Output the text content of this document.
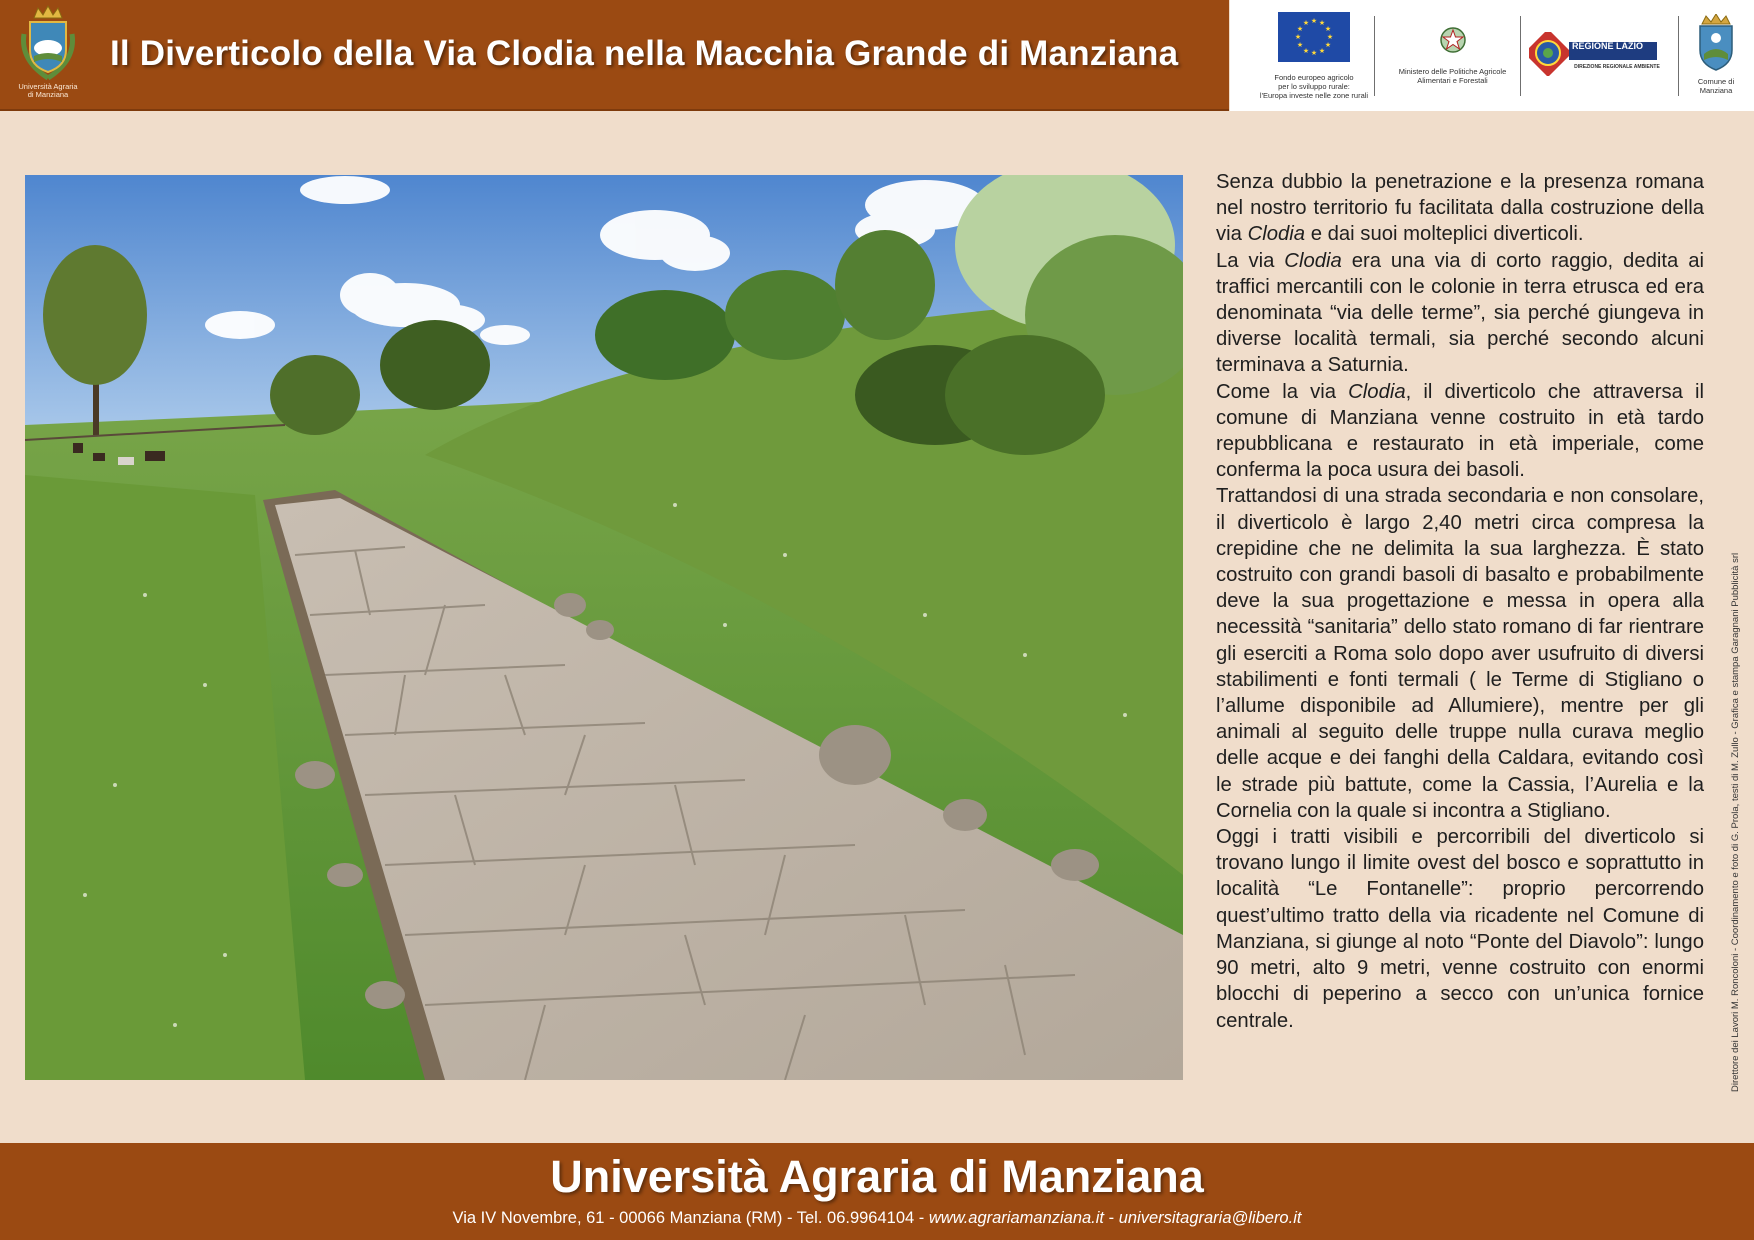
Università Agraria
di Manziana
Il Diverticolo della Via Clodia nella Macchia Grande di Manziana
★ ★
★
★
★
★
★
★
★
★
★
★
Fondo europeo agricolo
per lo sviluppo rurale:
l'Europa investe nelle zone rurali
Ministero delle Politiche Agricole
Alimentari e Forestali
REGIONE LAZIO
DIREZIONE REGIONALE AMBIENTE
Comune di
Manziana

Senza dubbio la penetrazione e la presenza romana nel nostro territorio fu facilitata dalla costruzione della via Clodia e dai suoi molteplici diverticoli.

La via Clodia era una via di corto raggio, dedita ai traffici mercantili con le colonie in terra etrusca ed era denominata “via delle terme”, sia perché giungeva in diverse località termali, sia perché secondo alcuni terminava a Saturnia.

Come la via Clodia, il diverticolo che attraversa il comune di Manziana venne costruito in età tardo repubblicana e restaurato in età imperiale, come conferma la poca usura dei basoli.

Trattandosi di una strada secondaria e non consolare, il diverticolo è largo 2,40 metri circa compresa la crepidine che ne delimita la sua larghezza. È stato costruito con grandi basoli di basalto e probabilmente deve la sua progettazione e messa in opera alla necessità “sanitaria” dello stato romano di far rientrare gli eserciti a Roma solo dopo aver usufruito di diversi stabilimenti e fonti termali ( le Terme di Stigliano o l’allume disponibile ad Allumiere), mentre per gli animali al seguito delle truppe nulla curava meglio delle acque e dei fanghi della Caldara, evitando così le strade più battute, come la Cassia, l’Aurelia e la Cornelia con la quale si incontra a Stigliano.

Oggi i tratti visibili e percorribili del diverticolo si trovano lungo il limite ovest del bosco e soprattutto in località “Le Fontanelle”: proprio percorrendo quest’ultimo tratto della via ricadente nel Comune di Manziana, si giunge al noto “Ponte del Diavolo”: lungo 90 metri, alto 9 metri, venne costruito con enormi blocchi di peperino a secco con un’unica fornice centrale.	Direttore dei Lavori M. Roncoloni - Coordinamento e foto di G. Prola, testi di M. Zullo - Grafica e stampa Garagnani Pubblicità srl
Università Agraria di Manziana
Via IV Novembre, 61 - 00066 Manziana (RM) - Tel. 06.9964104 - www.agrariamanziana.it - universitagraria@libero.it
